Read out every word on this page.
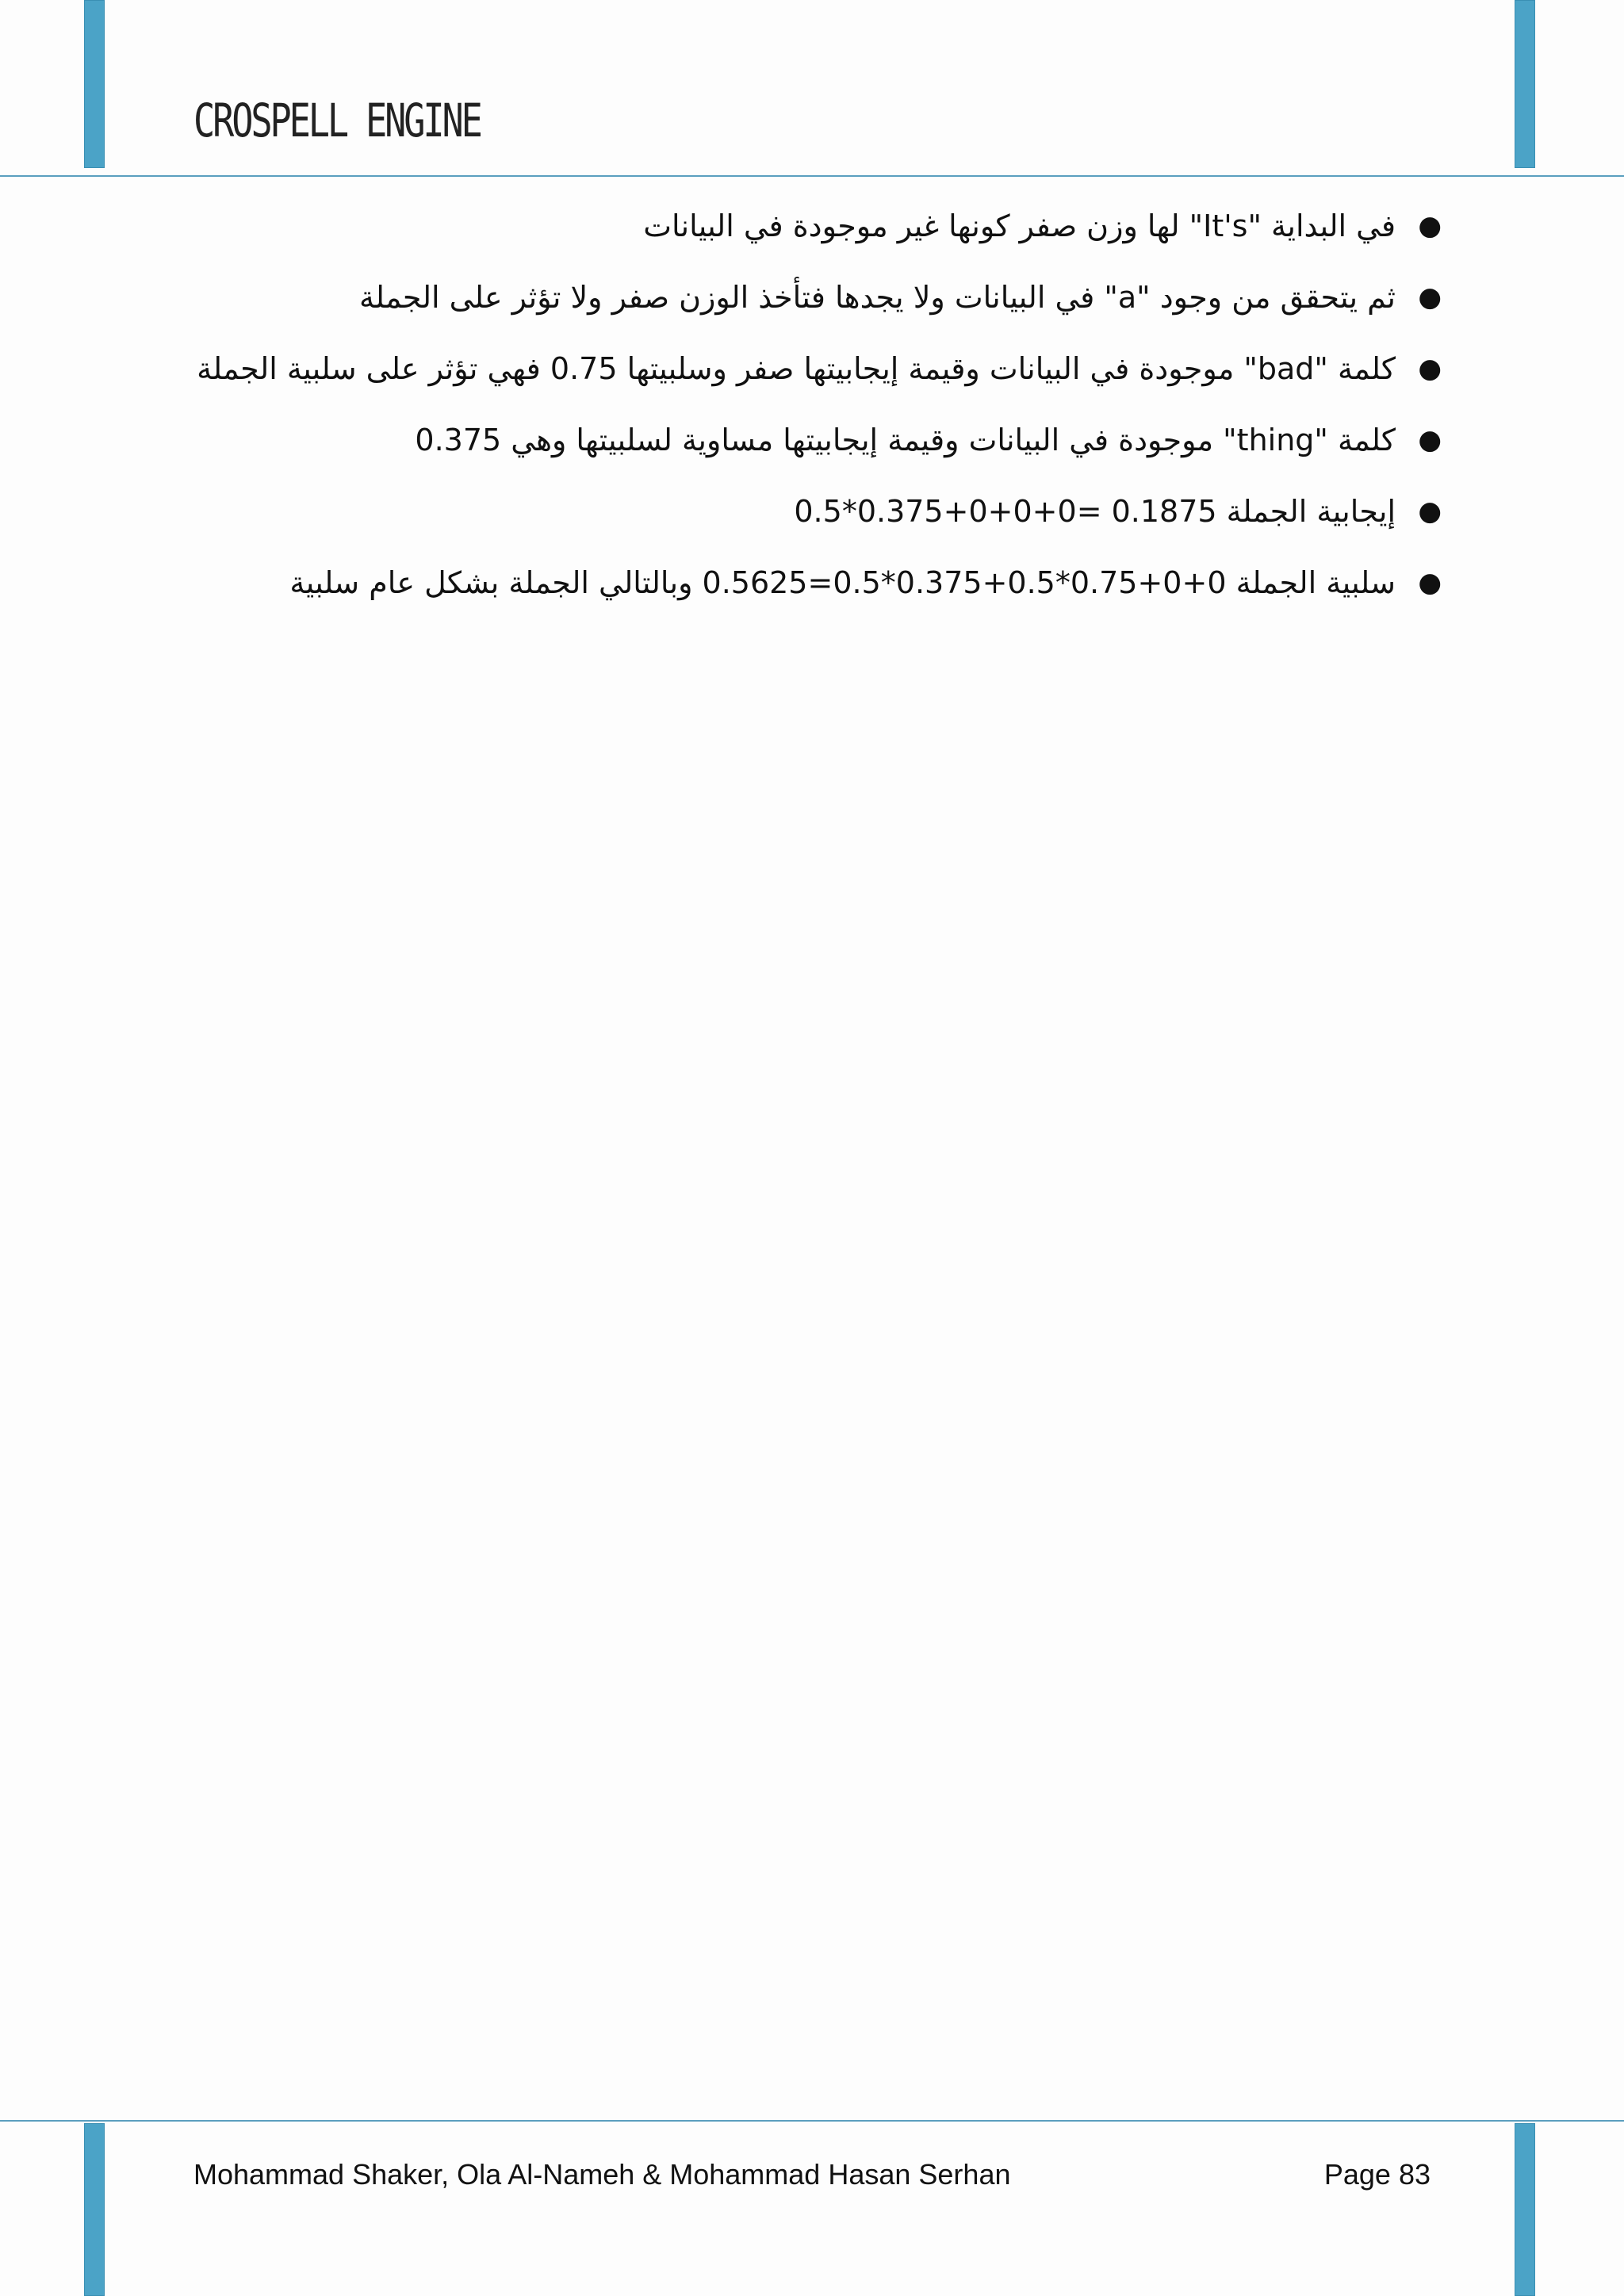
CROSPELL ENGINE
●
في البداية "It's" لها وزن صفر كونها غير موجودة في البيانات
●
ثم يتحقق من وجود "a" في البيانات ولا يجدها فتأخذ الوزن صفر ولا تؤثر على الجملة
●
كلمة "bad" موجودة في البيانات وقيمة إيجابيتها صفر وسلبيتها 0.75 فهي تؤثر على سلبية الجملة
●
كلمة "thing" موجودة في البيانات وقيمة إيجابيتها مساوية لسلبيتها وهي 0.375
●
إيجابية الجملة 0.1875 =0+0+0+0.375*0.5
●
سلبية الجملة 0+0+0.75*0.5+0.375*0.5=0.5625 وبالتالي الجملة بشكل عام سلبية
Mohammad Shaker, Ola Al-Nameh & Mohammad Hasan Serhan	Page 83
